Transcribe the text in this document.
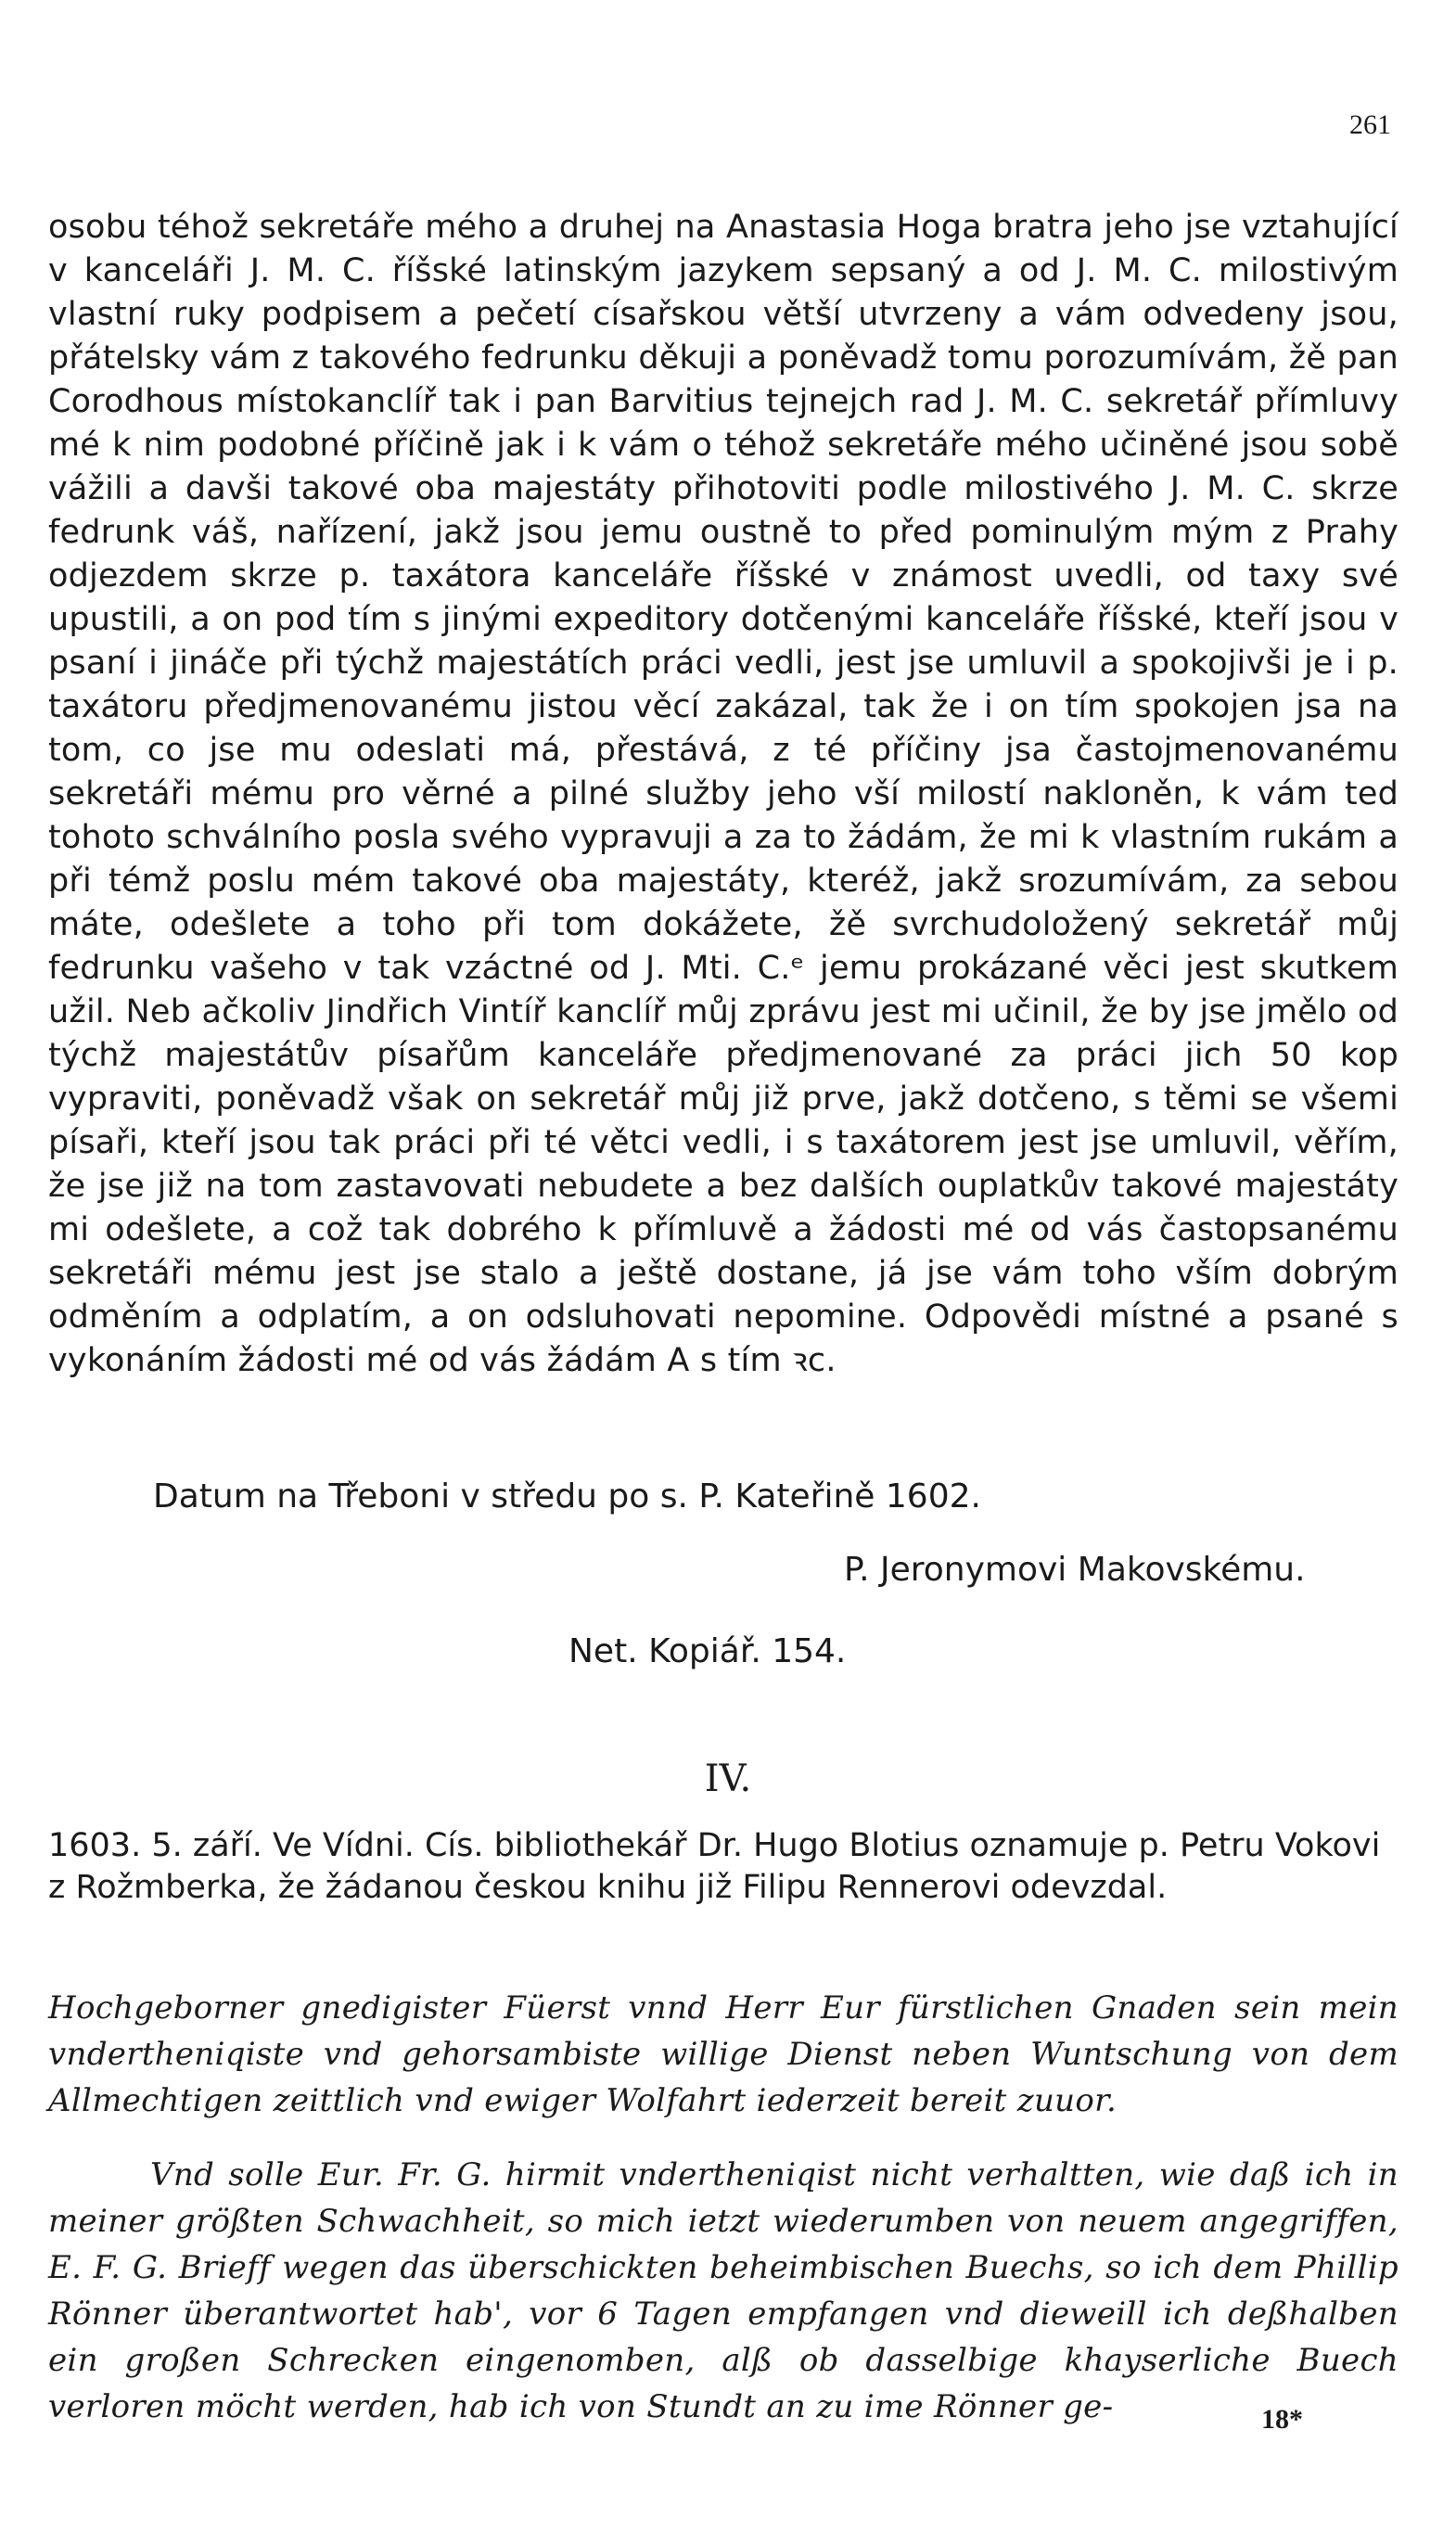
261

osobu téhož sekretáře mého a druhej na Anastasia Hoga bratra jeho jse vztahující v kanceláři J. M. C. říšské latinským jazykem sepsaný a od J. M. C. milostivým vlastní ruky podpisem a pečetí císařskou větší utvrzeny a vám odvedeny jsou, přátelsky vám z takového fedrunku děkuji a poněvadž tomu porozumívám, žě pan Corodhous místokanclíř tak i pan Barvitius tejnejch rad J. M. C. sekretář přímluvy mé k nim podobné příčině jak i k vám o téhož sekretáře mého učiněné jsou sobě vážili a davši takové oba majestáty přihotoviti podle milostivého J. M. C. skrze fedrunk váš, nařízení, jakž jsou jemu oustně to před pominulým mým z Prahy odjezdem skrze p. taxátora kanceláře říšské v známost uvedli, od taxy své upustili, a on pod tím s jinými expeditory dotčenými kanceláře říšské, kteří jsou v psaní i jináče při týchž majestátích práci vedli, jest jse umluvil a spokojivši je i p. taxátoru předjmenovanému jistou věcí zakázal, tak že i on tím spokojen jsa na tom, co jse mu odeslati má, přestává, z té příčiny jsa častojmenovanému sekretáři mému pro věrné a pilné služby jeho vší milostí nakloněn, k vám ted tohoto schválního posla svého vypravuji a za to žádám, že mi k vlastním rukám a při témž poslu mém takové oba majestáty, kteréž, jakž srozumívám, za sebou máte, odešlete a toho při tom dokážete, žě svrchudoložený sekretář můj fedrunku vašeho v tak vzáctné od J. Mti. C.ᵉ jemu prokázané věci jest skutkem užil. Neb ačkoliv Jindřich Vintíř kanclíř můj zprávu jest mi učinil, že by jse jmělo od týchž majestátův písařům kanceláře předjmenované za práci jich 50 kop vypraviti, poněvadž však on sekretář můj již prve, jakž dotčeno, s těmi se všemi písaři, kteří jsou tak práci při té větci vedli, i s taxátorem jest jse umluvil, věřím, že jse již na tom zastavovati nebudete a bez dalších ouplatkův takové majestáty mi odešlete, a což tak dobrého k přímluvě a žádosti mé od vás častopsanému sekretáři mému jest jse stalo a ještě dostane, já jse vám toho vším dobrým odměním a odplatím, a on odsluhovati nepomine. Odpovědi místné a psané s vykonáním žádosti mé od vás žádám A s tím ꝛc.

Datum na Třeboni v středu po s. P. Kateřině 1602.
P. Jeronymovi Makovskému.
Net. Kopiář. 154.
IV.
1603. 5. září. Ve Vídni. Cís. bibliothekář Dr. Hugo Blotius oznamuje p. Petru Vokovi z Rožmberka, že žádanou českou knihu již Filipu Rennerovi odevzdal.
Hochgeborner gnedigister Füerst vnnd Herr Eur fürstlichen Gnaden sein mein vndertheniqiste vnd gehorsambiste willige Dienst neben Wuntschung von dem Allmechtigen zeittlich vnd ewiger Wolfahrt iederzeit bereit zuuor.
Vnd solle Eur. Fr. G. hirmit vndertheniqist nicht verhaltten, wie daß ich in meiner größten Schwachheit, so mich ietzt wiederumben von neuem angegriffen, E. F. G. Brieff wegen das überschickten beheimbischen Buechs, so ich dem Phillip Rönner überantwortet hab', vor 6 Tagen empfangen vnd dieweill ich deßhalben ein großen Schrecken eingenomben, alß ob dasselbige khayserliche Buech verloren möcht werden, hab ich von Stundt an zu ime Rönner ge-	18*
